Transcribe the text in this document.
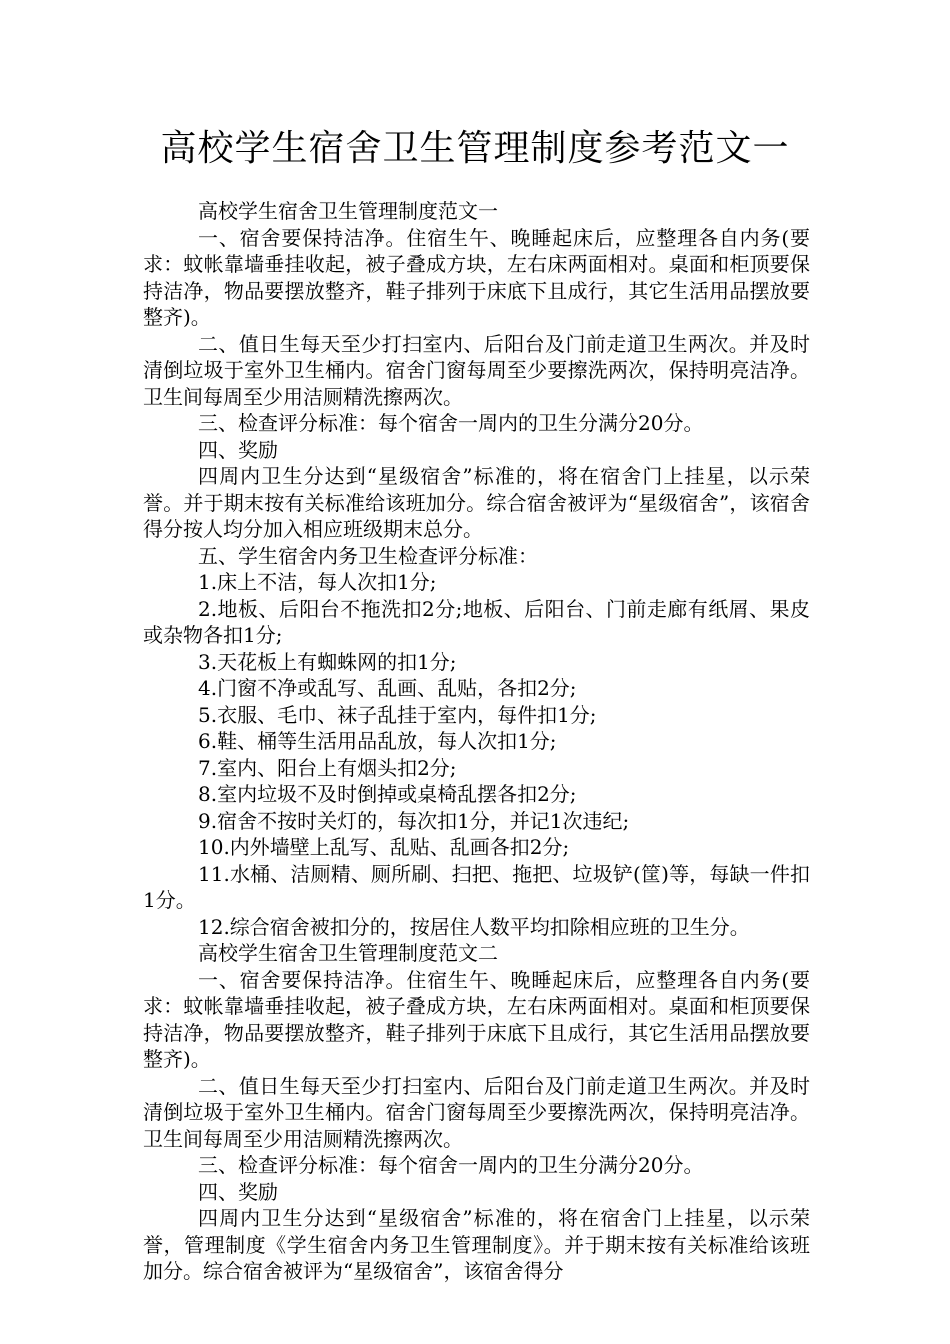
高校学生宿舍卫生管理制度参考范文一

高校学生宿舍卫生管理制度范文一

一、宿舍要保持洁净。住宿生午、晚睡起床后，应整理各自内务(要求：蚊帐靠墙垂挂收起，被子叠成方块，左右床两面相对。桌面和柜顶要保持洁净，物品要摆放整齐，鞋子排列于床底下且成行，其它生活用品摆放要整齐)。

二、值日生每天至少打扫室内、后阳台及门前走道卫生两次。并及时清倒垃圾于室外卫生桶内。宿舍门窗每周至少要擦洗两次，保持明亮洁净。卫生间每周至少用洁厕精洗擦两次。

三、检查评分标准：每个宿舍一周内的卫生分满分20分。

四、奖励

四周内卫生分达到“星级宿舍”标准的，将在宿舍门上挂星，以示荣誉。并于期末按有关标准给该班加分。综合宿舍被评为“星级宿舍”，该宿舍得分按人均分加入相应班级期末总分。

五、学生宿舍内务卫生检查评分标准：

1.床上不洁，每人次扣1分;

2.地板、后阳台不拖洗扣2分;地板、后阳台、门前走廊有纸屑、果皮或杂物各扣1分;

3.天花板上有蜘蛛网的扣1分;

4.门窗不净或乱写、乱画、乱贴，各扣2分;

5.衣服、毛巾、袜子乱挂于室内，每件扣1分;

6.鞋、桶等生活用品乱放，每人次扣1分;

7.室内、阳台上有烟头扣2分;

8.室内垃圾不及时倒掉或桌椅乱摆各扣2分;

9.宿舍不按时关灯的，每次扣1分，并记1次违纪;

10.内外墙壁上乱写、乱贴、乱画各扣2分;

11.水桶、洁厕精、厕所刷、扫把、拖把、垃圾铲(筐)等，每缺一件扣1分。

12.综合宿舍被扣分的，按居住人数平均扣除相应班的卫生分。

高校学生宿舍卫生管理制度范文二

一、宿舍要保持洁净。住宿生午、晚睡起床后，应整理各自内务(要求：蚊帐靠墙垂挂收起，被子叠成方块，左右床两面相对。桌面和柜顶要保持洁净，物品要摆放整齐，鞋子排列于床底下且成行，其它生活用品摆放要整齐)。

二、值日生每天至少打扫室内、后阳台及门前走道卫生两次。并及时清倒垃圾于室外卫生桶内。宿舍门窗每周至少要擦洗两次，保持明亮洁净。卫生间每周至少用洁厕精洗擦两次。

三、检查评分标准：每个宿舍一周内的卫生分满分20分。

四、奖励

四周内卫生分达到“星级宿舍”标准的，将在宿舍门上挂星，以示荣誉，管理制度《学生宿舍内务卫生管理制度》。并于期末按有关标准给该班加分。综合宿舍被评为“星级宿舍”，该宿舍得分
